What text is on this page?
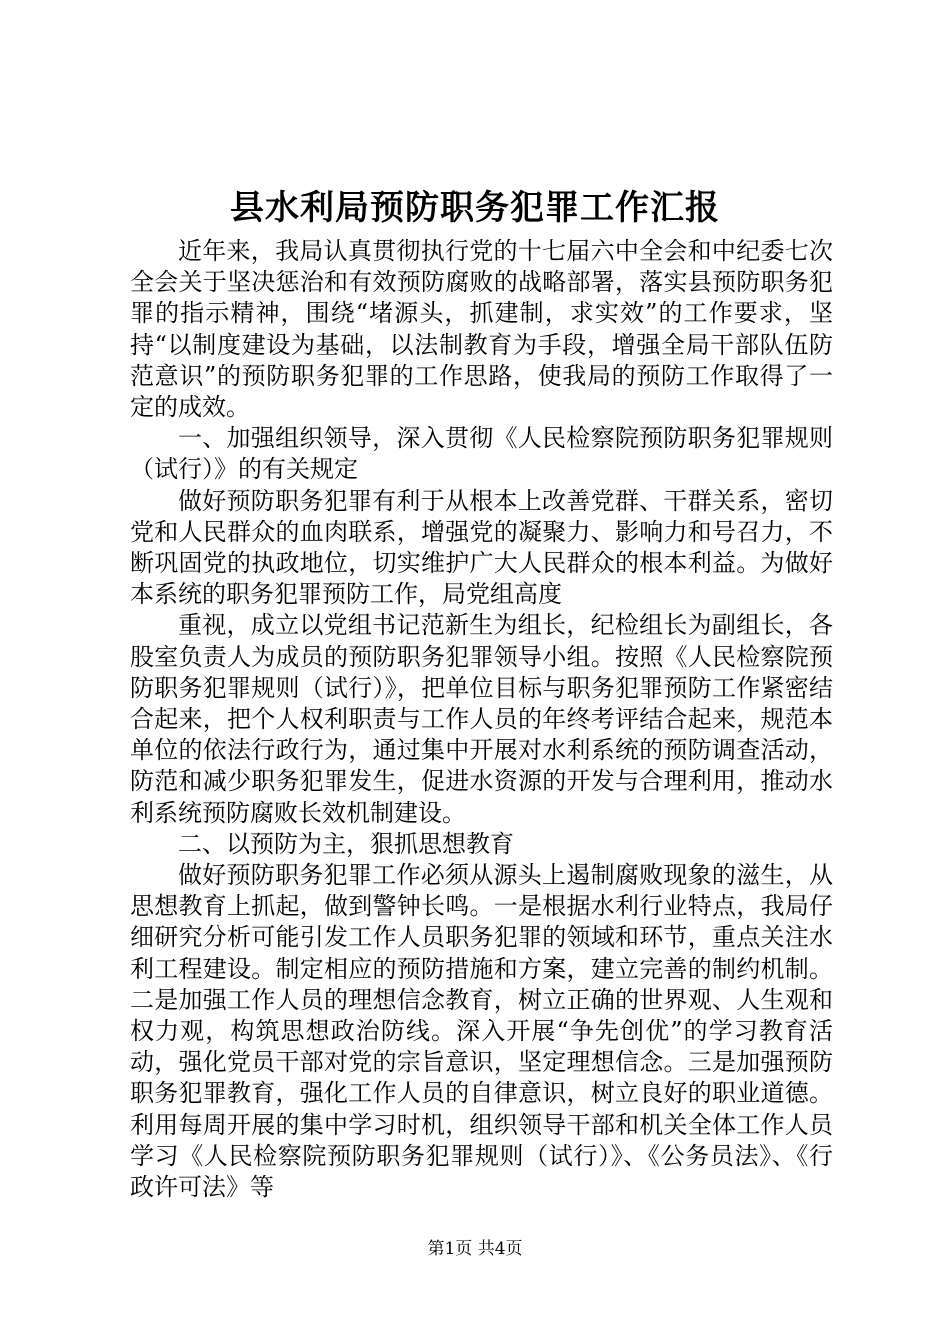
县水利局预防职务犯罪工作汇报

近年来，我局认真贯彻执行党的十七届六中全会和中纪委七次全会关于坚决惩治和有效预防腐败的战略部署，落实县预防职务犯罪的指示精神，围绕“堵源头，抓建制，求实效”的工作要求，坚持“以制度建设为基础，以法制教育为手段，增强全局干部队伍防范意识”的预防职务犯罪的工作思路，使我局的预防工作取得了一定的成效。

一、加强组织领导，深入贯彻《人民检察院预防职务犯罪规则（试行）》的有关规定

做好预防职务犯罪有利于从根本上改善党群、干群关系，密切党和人民群众的血肉联系，增强党的凝聚力、影响力和号召力，不断巩固党的执政地位，切实维护广大人民群众的根本利益。为做好本系统的职务犯罪预防工作，局党组高度

重视，成立以党组书记范新生为组长，纪检组长为副组长，各股室负责人为成员的预防职务犯罪领导小组。按照《人民检察院预防职务犯罪规则（试行）》，把单位目标与职务犯罪预防工作紧密结合起来，把个人权利职责与工作人员的年终考评结合起来，规范本单位的依法行政行为，通过集中开展对水利系统的预防调查活动，防范和减少职务犯罪发生，促进水资源的开发与合理利用，推动水利系统预防腐败长效机制建设。

二、以预防为主，狠抓思想教育

做好预防职务犯罪工作必须从源头上遏制腐败现象的滋生，从思想教育上抓起，做到警钟长鸣。一是根据水利行业特点，我局仔细研究分析可能引发工作人员职务犯罪的领域和环节，重点关注水利工程建设。制定相应的预防措施和方案，建立完善的制约机制。二是加强工作人员的理想信念教育，树立正确的世界观、人生观和权力观，构筑思想政治防线。深入开展“争先创优”的学习教育活动，强化党员干部对党的宗旨意识，坚定理想信念。三是加强预防职务犯罪教育，强化工作人员的自律意识，树立良好的职业道德。利用每周开展的集中学习时机，组织领导干部和机关全体工作人员学习《人民检察院预防职务犯罪规则（试行）》、《公务员法》、《行政许可法》等

第1页 共4页
